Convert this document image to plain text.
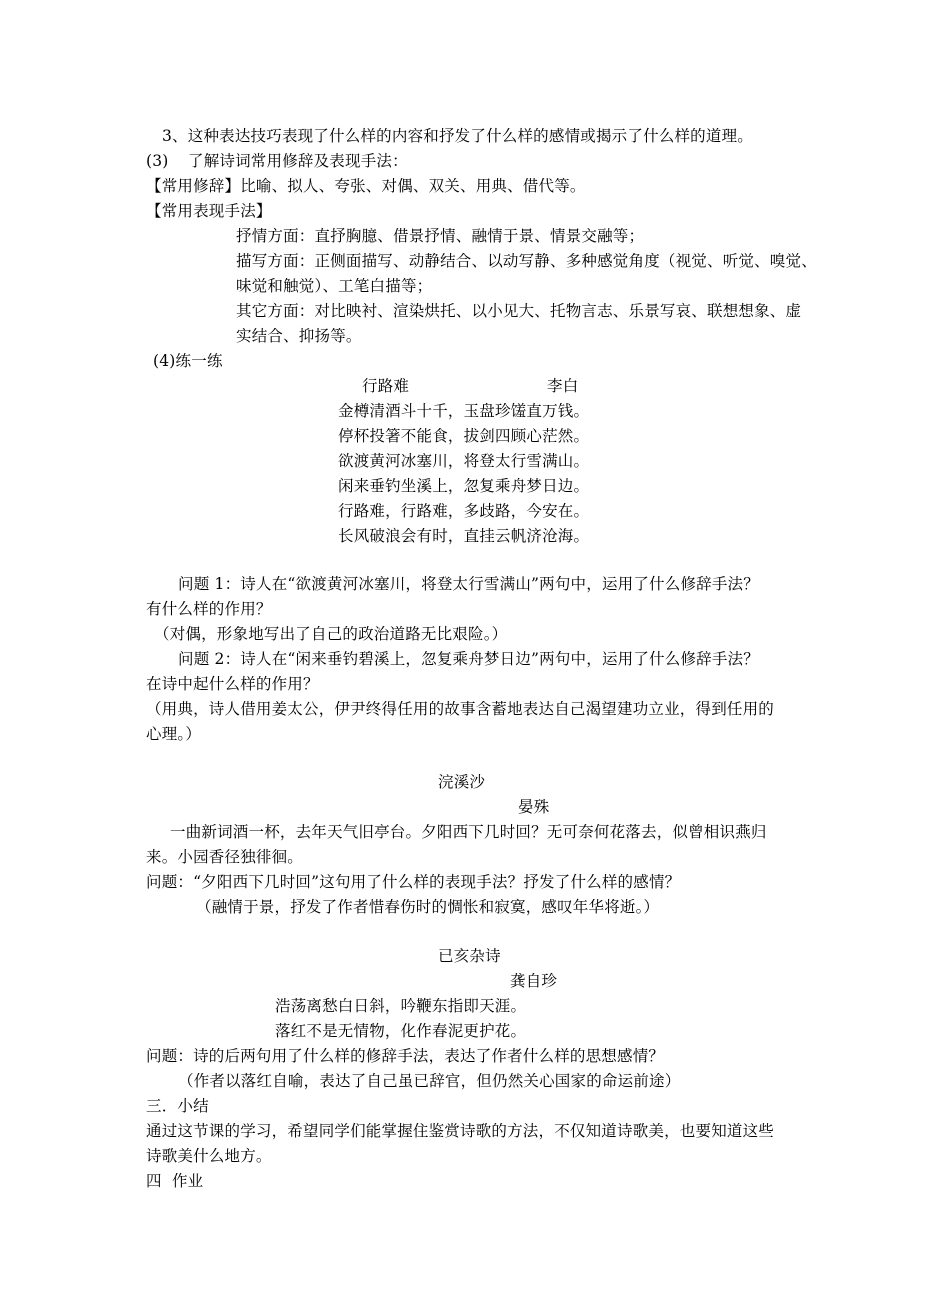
3、这种表达技巧表现了什么样的内容和抒发了什么样的感情或揭示了什么样的道理。
(3) 了解诗词常用修辞及表现手法：
【常用修辞】比喻、拟人、夸张、对偶、双关、用典、借代等。
【常用表现手法】
抒情方面：直抒胸臆、借景抒情、融情于景、情景交融等；
描写方面：正侧面描写、动静结合、以动写静、多种感觉角度（视觉、听觉、嗅觉、
味觉和触觉）、工笔白描等；
其它方面：对比映衬、渲染烘托、以小见大、托物言志、乐景写哀、联想想象、虚
实结合、抑扬等。
(4)练一练
行路难	李白
金樽清酒斗十千，玉盘珍馐直万钱。
停杯投箸不能食，拔剑四顾心茫然。
欲渡黄河冰塞川，将登太行雪满山。
闲来垂钓坐溪上，忽复乘舟梦日边。
行路难，行路难，多歧路，今安在。
长风破浪会有时，直挂云帆济沧海。
问题 1：诗人在“欲渡黄河冰塞川，将登太行雪满山”两句中，运用了什么修辞手法？
有什么样的作用？
（对偶，形象地写出了自己的政治道路无比艰险。）
问题 2：诗人在“闲来垂钓碧溪上，忽复乘舟梦日边”两句中，运用了什么修辞手法？
在诗中起什么样的作用？
（用典，诗人借用姜太公，伊尹终得任用的故事含蓄地表达自己渴望建功立业，得到任用的
心理。）
浣溪沙
晏殊
一曲新词酒一杯，去年天气旧亭台。夕阳西下几时回？无可奈何花落去，似曾相识燕归
来。小园香径独徘徊。
问题：“夕阳西下几时回”这句用了什么样的表现手法？抒发了什么样的感情？
（融情于景，抒发了作者惜春伤时的惆怅和寂寞，感叹年华将逝。）
已亥杂诗
龚自珍
浩荡离愁白日斜，吟鞭东指即天涯。
落红不是无情物，化作春泥更护花。
问题：诗的后两句用了什么样的修辞手法，表达了作者什么样的思想感情？
（作者以落红自喻，表达了自己虽已辞官，但仍然关心国家的命运前途）
三．小结
通过这节课的学习，希望同学们能掌握住鉴赏诗歌的方法，不仅知道诗歌美，也要知道这些
诗歌美什么地方。
四  作业
